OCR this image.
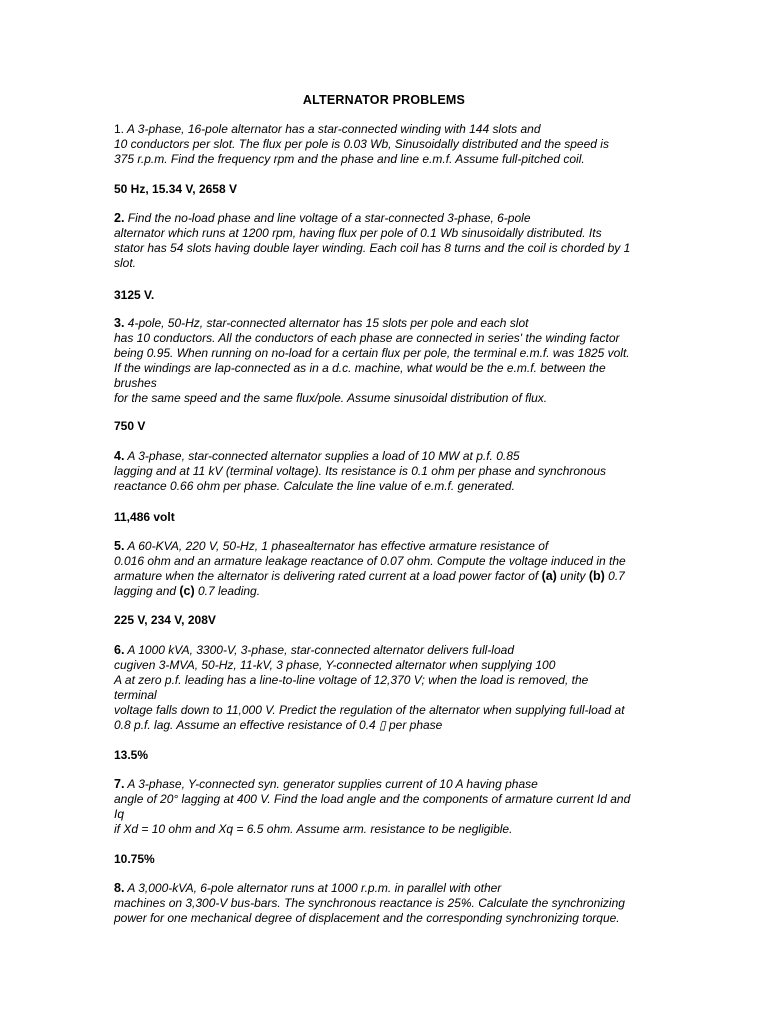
ALTERNATOR PROBLEMS
1. A 3-phase, 16-pole alternator has a star-connected winding with 144 slots and
10 conductors per slot. The flux per pole is 0.03 Wb, Sinusoidally distributed and the speed is
375 r.p.m. Find the frequency rpm and the phase and line e.m.f. Assume full-pitched coil.
50 Hz, 15.34 V, 2658 V
2. Find the no-load phase and line voltage of a star-connected 3-phase, 6-pole
alternator which runs at 1200 rpm, having flux per pole of 0.1 Wb sinusoidally distributed. Its
stator has 54 slots having double layer winding. Each coil has 8 turns and the coil is chorded by 1
slot.
3125 V.
3. 4-pole, 50-Hz, star-connected alternator has 15 slots per pole and each slot
has 10 conductors. All the conductors of each phase are connected in series' the winding factor
being 0.95. When running on no-load for a certain flux per pole, the terminal e.m.f. was 1825 volt.
If the windings are lap-connected as in a d.c. machine, what would be the e.m.f. between the
brushes
for the same speed and the same flux/pole. Assume sinusoidal distribution of flux.
750 V
4. A 3-phase, star-connected alternator supplies a load of 10 MW at p.f. 0.85
lagging and at 11 kV (terminal voltage). Its resistance is 0.1 ohm per phase and synchronous
reactance 0.66 ohm per phase. Calculate the line value of e.m.f. generated.
11,486 volt
5. A 60-KVA, 220 V, 50-Hz, 1 phasealternator has effective armature resistance of
0.016 ohm and an armature leakage reactance of 0.07 ohm. Compute the voltage induced in the
armature when the alternator is delivering rated current at a load power factor of (a) unity (b) 0.7
lagging and (c) 0.7 leading.
225 V, 234 V, 208V
6. A 1000 kVA, 3300-V, 3-phase, star-connected alternator delivers full-load
cugiven 3-MVA, 50-Hz, 11-kV, 3 phase, Y-connected alternator when supplying 100
A at zero p.f. leading has a line-to-line voltage of 12,370 V; when the load is removed, the
terminal
voltage falls down to 11,000 V. Predict the regulation of the alternator when supplying full-load at
0.8 p.f. lag. Assume an effective resistance of 0.4 ▯ per phase
13.5%
7. A 3-phase, Y-connected syn. generator supplies current of 10 A having phase
angle of 20° lagging at 400 V. Find the load angle and the components of armature current Id and
Iq
if Xd = 10 ohm and Xq = 6.5 ohm. Assume arm. resistance to be negligible.
10.75%
8. A 3,000-kVA, 6-pole alternator runs at 1000 r.p.m. in parallel with other
machines on 3,300-V bus-bars. The synchronous reactance is 25%. Calculate the synchronizing
power for one mechanical degree of displacement and the corresponding synchronizing torque.
